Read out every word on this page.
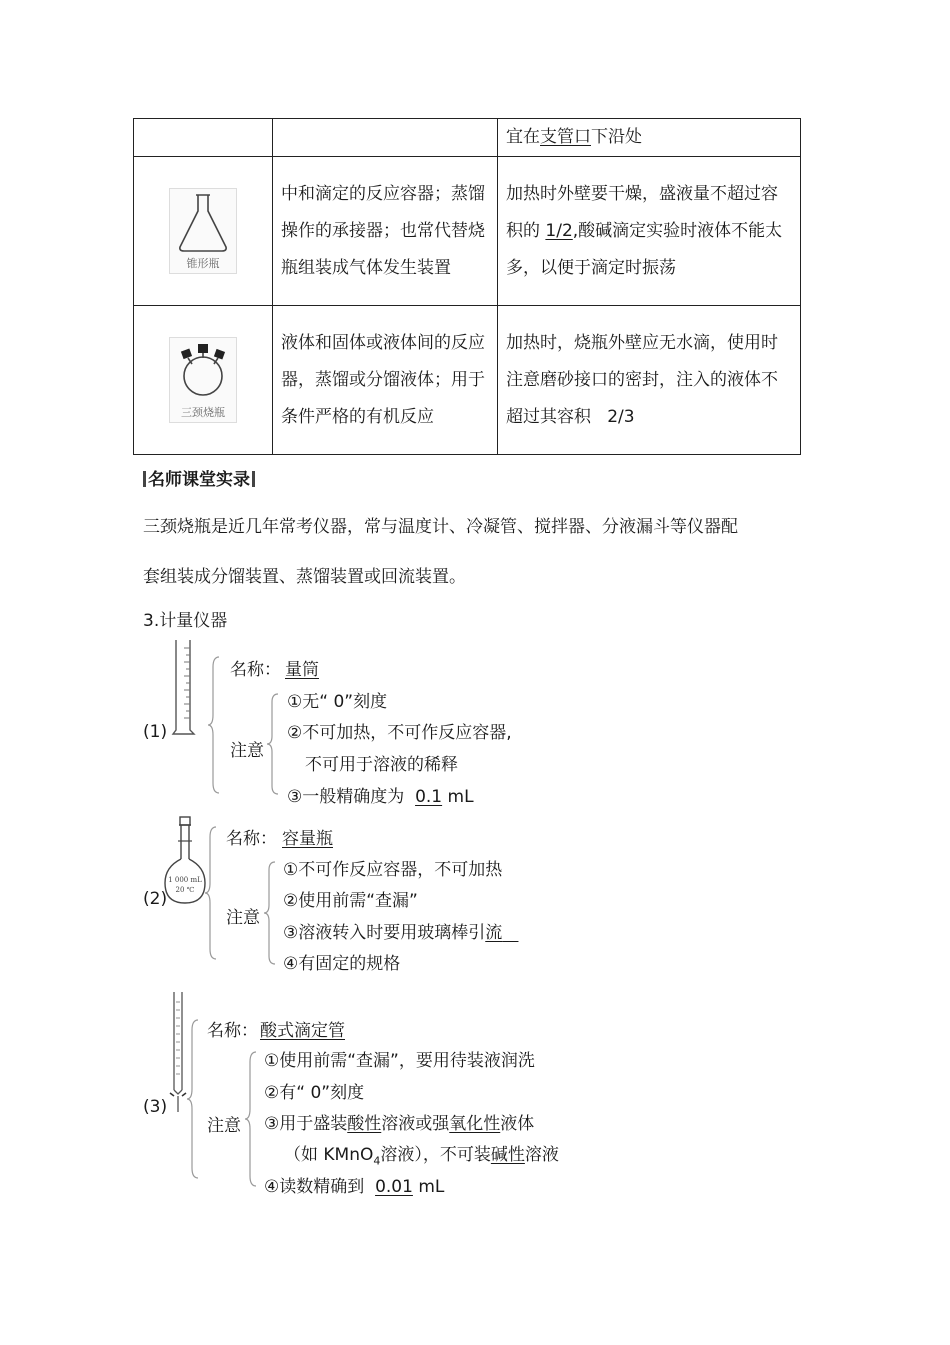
		宜在支管口下沿处

锥形瓶	中和滴定的反应容器；蒸馏操作的承接器；也常代替烧瓶组装成气体发生装置	加热时外壁要干燥，盛液量不超过容积的 1/2,酸碱滴定实验时液体不能太多，以便于滴定时振荡

三颈烧瓶	液体和固体或液体间的反应器，蒸馏或分馏液体；用于条件严格的有机反应	加热时，烧瓶外壁应无水滴，使用时注意磨砂接口的密封，注入的液体不超过其容积 2/3
名师课堂实录
三颈烧瓶是近几年常考仪器，常与温度计、冷凝管、搅拌器、分液漏斗等仪器配
套组装成分馏装置、蒸馏装置或回流装置。
3.计量仪器
(1)
名称： 量筒
注意
①无“ 0”刻度
②不可加热，不可作反应容器,
不可用于溶液的稀释
③一般精确度为 0.1 mL
1 000 mL
20 ℃
(2)
名称： 容量瓶
注意
①不可作反应容器，不可加热
②使用前需“查漏”
③溶液转入时要用玻璃棒引流
④有固定的规格
(3)
名称： 酸式滴定管
注意
①使用前需“查漏”，要用待装液润洗
②有“ 0”刻度
③用于盛装酸性溶液或强氧化性液体
（如 KMnO$_4$溶液），不可装碱性溶液
④读数精确到 0.01 mL
